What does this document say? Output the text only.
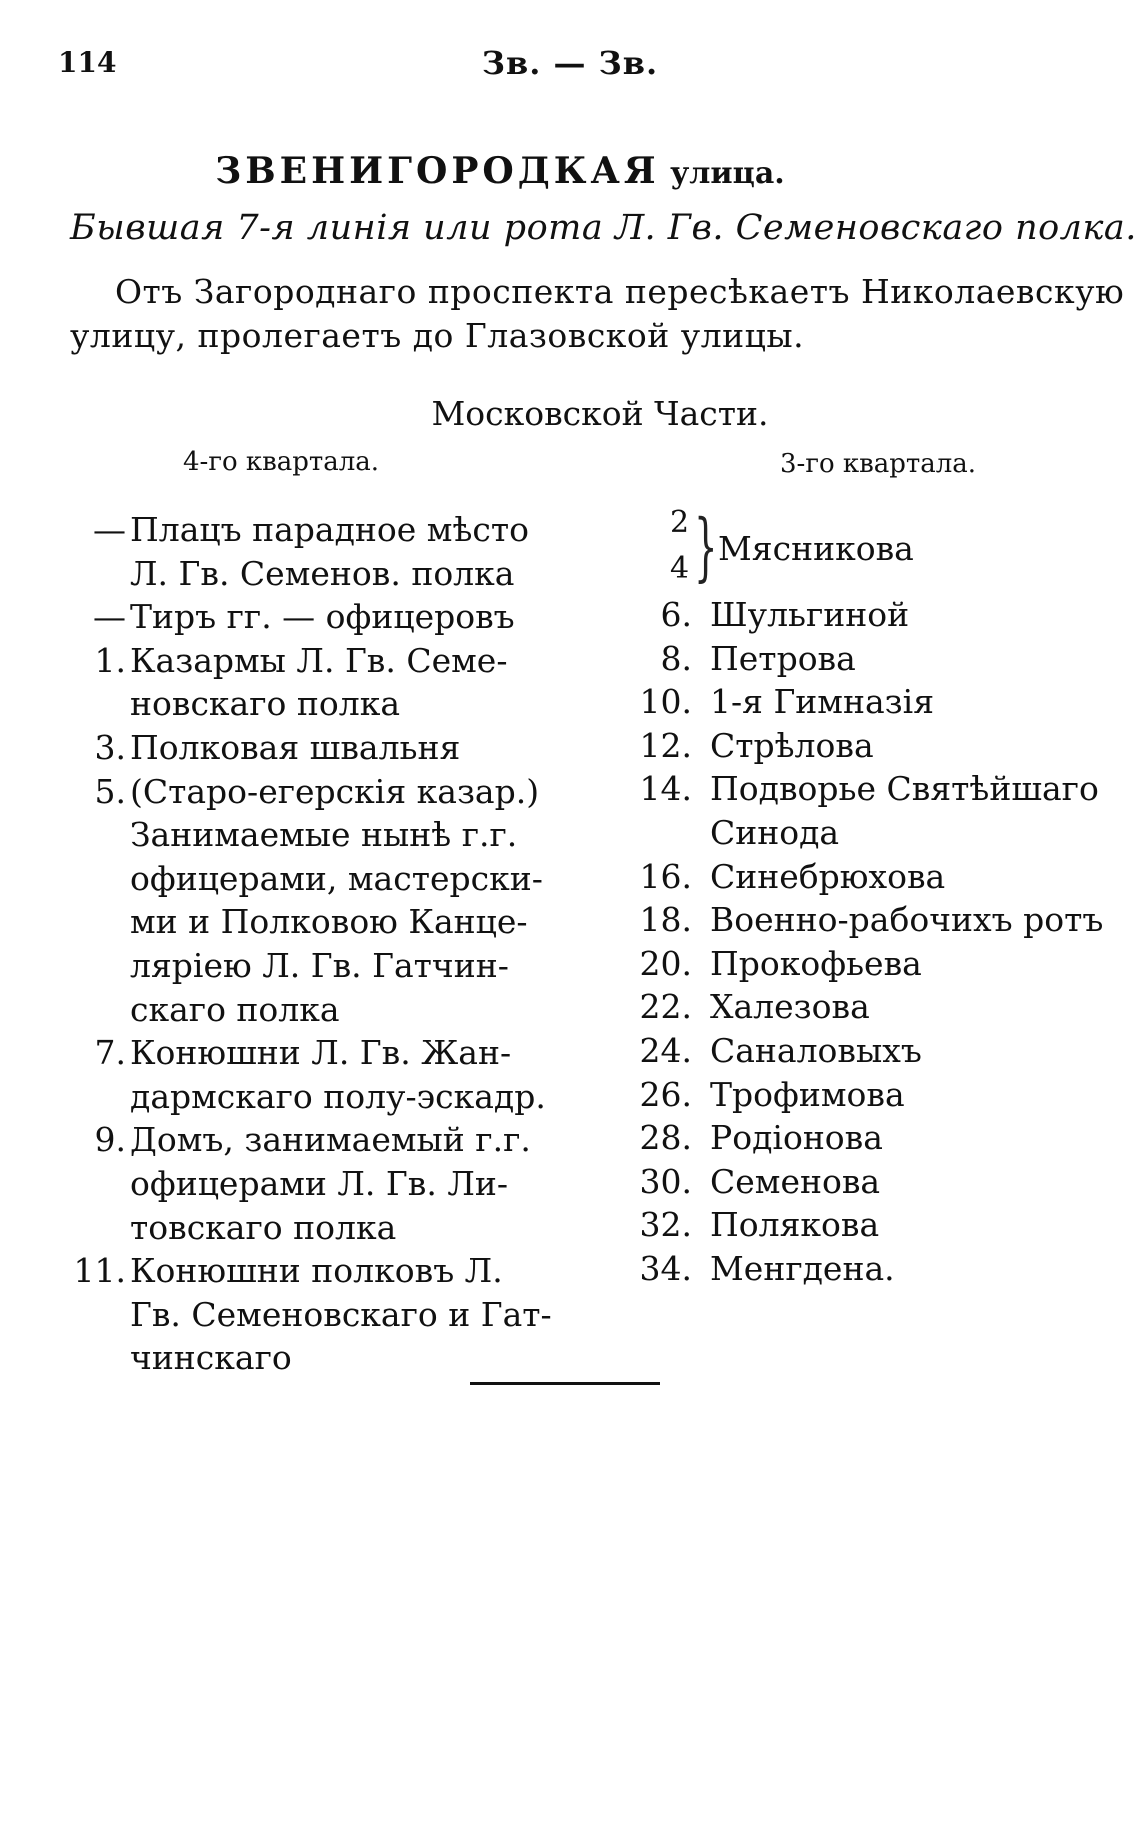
114	Зв. — Зв.
ЗВЕНИГОРОДКАЯ улица.
Бывшая 7-я линія или рота Л. Гв. Семеновскаго полка.
Отъ Загороднаго проспекта пересѣкаетъ Николаевскую
улицу, пролегаетъ до Глазовской улицы.
Московской Части.
4-го квартала.	3-го квартала.
— Плацъ парадное мѣсто
Л. Гв. Семенов. полка
— Тиръ гг. — офицеровъ
1. Казармы Л. Гв. Семе-
новскаго полка
3. Полковая швальня
5. (Старо-егерскія казар.)
Занимаемые нынѣ г.г.
офицерами, мастерски-
ми и Полковою Канце-
ляріею Л. Гв. Гатчин-
скаго полка
7. Конюшни Л. Гв. Жан-
дармскаго полу-эскадр.
9. Домъ, занимаемый г.г.
офицерами Л. Гв. Ли-
товскаго полка
11. Конюшни полковъ Л.
Гв. Семеновскаго и Гат-
чинскаго
2
4 } Мясникова
6. Шульгиной
8. Петрова
10. 1-я Гимназія
12. Стрѣлова
14. Подворье Святѣйшаго
Синода
16. Синебрюхова
18. Военно-рабочихъ ротъ
20. Прокофьева
22. Халезова
24. Саналовыхъ
26. Трофимова
28. Родіонова
30. Семенова
32. Полякова
34. Менгдена.
